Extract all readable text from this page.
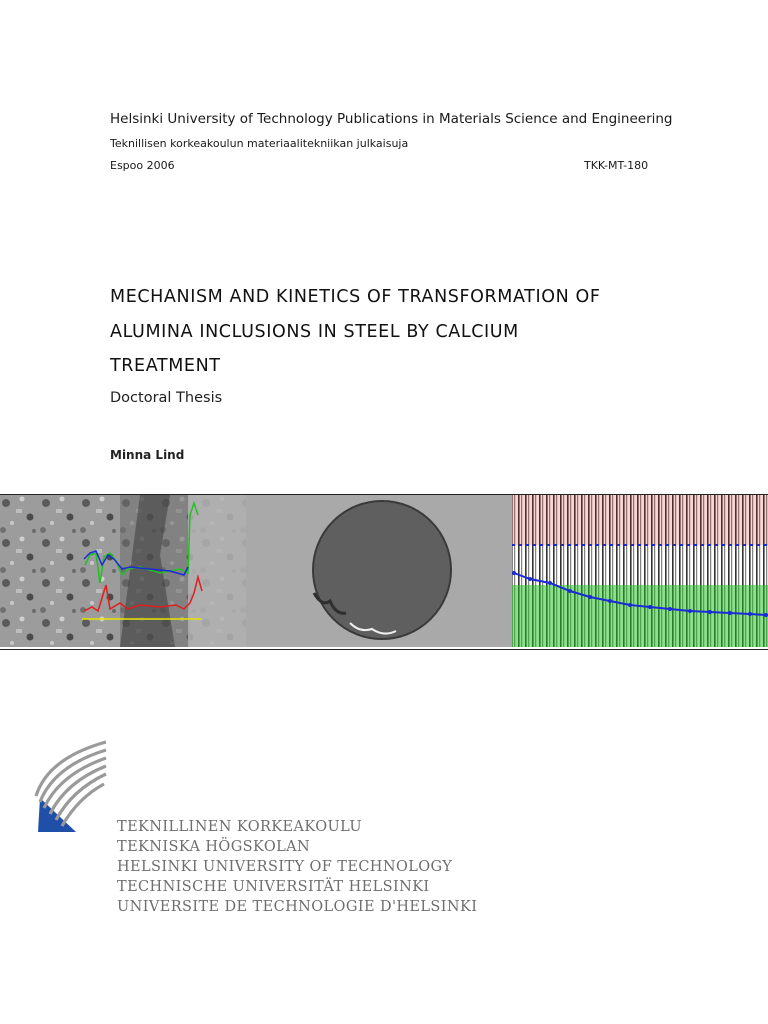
Helsinki University of Technology Publications in Materials Science and Engineering
Teknillisen korkeakoulun materiaalitekniikan julkaisuja
Espoo 2006	TKK-MT-180
MECHANISM AND KINETICS OF TRANSFORMATION OF
ALUMINA INCLUSIONS IN STEEL BY CALCIUM
TREATMENT
Doctoral Thesis
Minna Lind
TEKNILLINEN KORKEAKOULU
TEKNISKA HÖGSKOLAN
HELSINKI UNIVERSITY OF TECHNOLOGY
TECHNISCHE UNIVERSITÄT HELSINKI
UNIVERSITE DE TECHNOLOGIE D'HELSINKI
